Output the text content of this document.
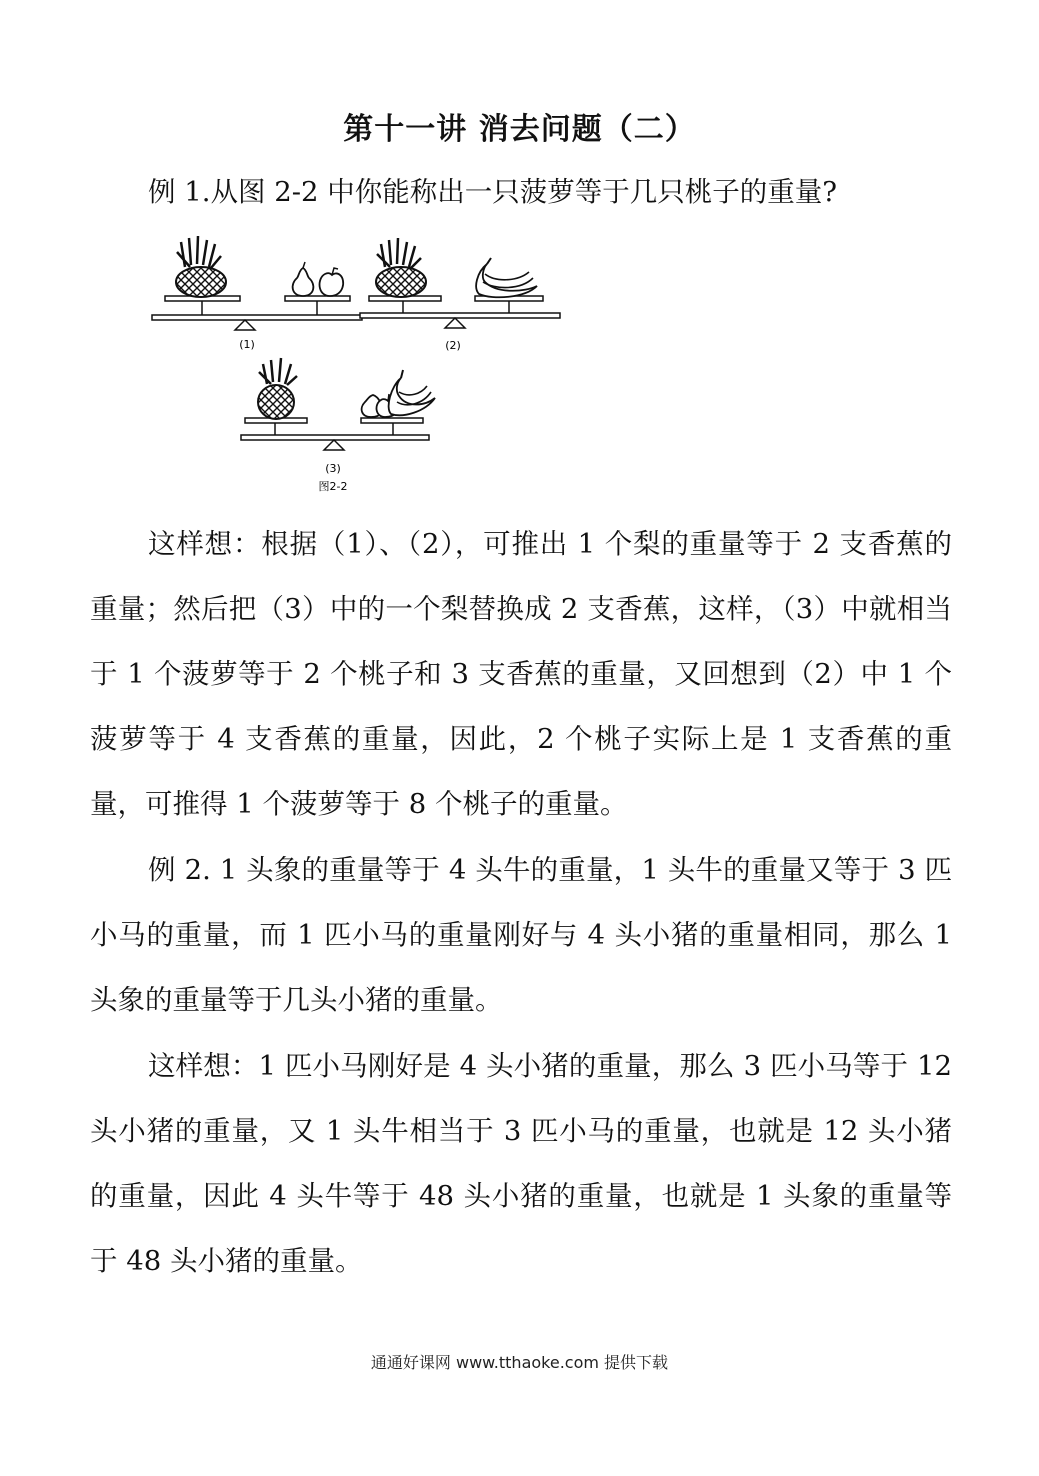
第十一讲 消去问题（二）
例 1.从图 2-2 中你能称出一只菠萝等于几只桃子的重量?
(1)	(2)
(3)
图2-2
这样想：根据（1）、（2），可推出 1 个梨的重量等于 2 支香蕉的重量；然后把（3）中的一个梨替换成 2 支香蕉，这样，（3）中就相当于 1 个菠萝等于 2 个桃子和 3 支香蕉的重量，又回想到（2）中 1 个菠萝等于 4 支香蕉的重量，因此，2 个桃子实际上是 1 支香蕉的重量，可推得 1 个菠萝等于 8 个桃子的重量。
例 2. 1 头象的重量等于 4 头牛的重量，1 头牛的重量又等于 3 匹小马的重量，而 1 匹小马的重量刚好与 4 头小猪的重量相同，那么 1 头象的重量等于几头小猪的重量。
这样想：1 匹小马刚好是 4 头小猪的重量，那么 3 匹小马等于 12 头小猪的重量，又 1 头牛相当于 3 匹小马的重量，也就是 12 头小猪的重量，因此 4 头牛等于 48 头小猪的重量，也就是 1 头象的重量等于 48 头小猪的重量。
通通好课网 www.tthaoke.com 提供下载
